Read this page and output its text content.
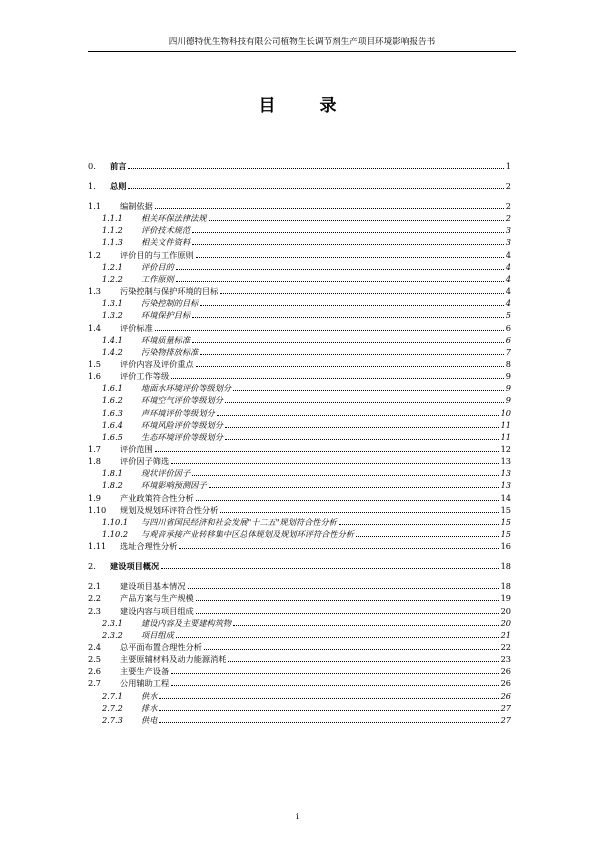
四川德特优生物科技有限公司植物生长调节剂生产项目环境影响报告书
目录
0.	前言	1
1.	总则	2
1.1	编制依据	2
1.1.1	相关环保法律法规	2
1.1.2	评价技术规范	3
1.1.3	相关文件资料	3
1.2	评价目的与工作原则	4
1.2.1	评价目的	4
1.2.2	工作原则	4
1.3	污染控制与保护环境的目标	4
1.3.1	污染控制的目标	4
1.3.2	环境保护目标	5
1.4	评价标准	6
1.4.1	环境质量标准	6
1.4.2	污染物排放标准	7
1.5	评价内容及评价重点	8
1.6	评价工作等级	9
1.6.1	地面水环境评价等级划分	9
1.6.2	环境空气评价等级划分	9
1.6.3	声环境评价等级划分	10
1.6.4	环境风险评价等级划分	11
1.6.5	生态环境评价等级划分	11
1.7	评价范围	12
1.8	评价因子筛选	13
1.8.1	现状评价因子	13
1.8.2	环境影响预测因子	13
1.9	产业政策符合性分析	14
1.10	规划及规划环评符合性分析	15
1.10.1	与四川省国民经济和社会发展"十二五"规划符合性分析	15
1.10.2	与观音承接产业转移集中区总体规划及规划环评符合性分析	15
1.11	选址合理性分析	16
2.	建设项目概况	18
2.1	建设项目基本情况	18
2.2	产品方案与生产规模	19
2.3	建设内容与项目组成	20
2.3.1	建设内容及主要建构筑物	20
2.3.2	项目组成	21
2.4	总平面布置合理性分析	22
2.5	主要原辅材料及动力能源消耗	23
2.6	主要生产设备	26
2.7	公用辅助工程	26
2.7.1	供水	26
2.7.2	排水	27
2.7.3	供电	27
i
